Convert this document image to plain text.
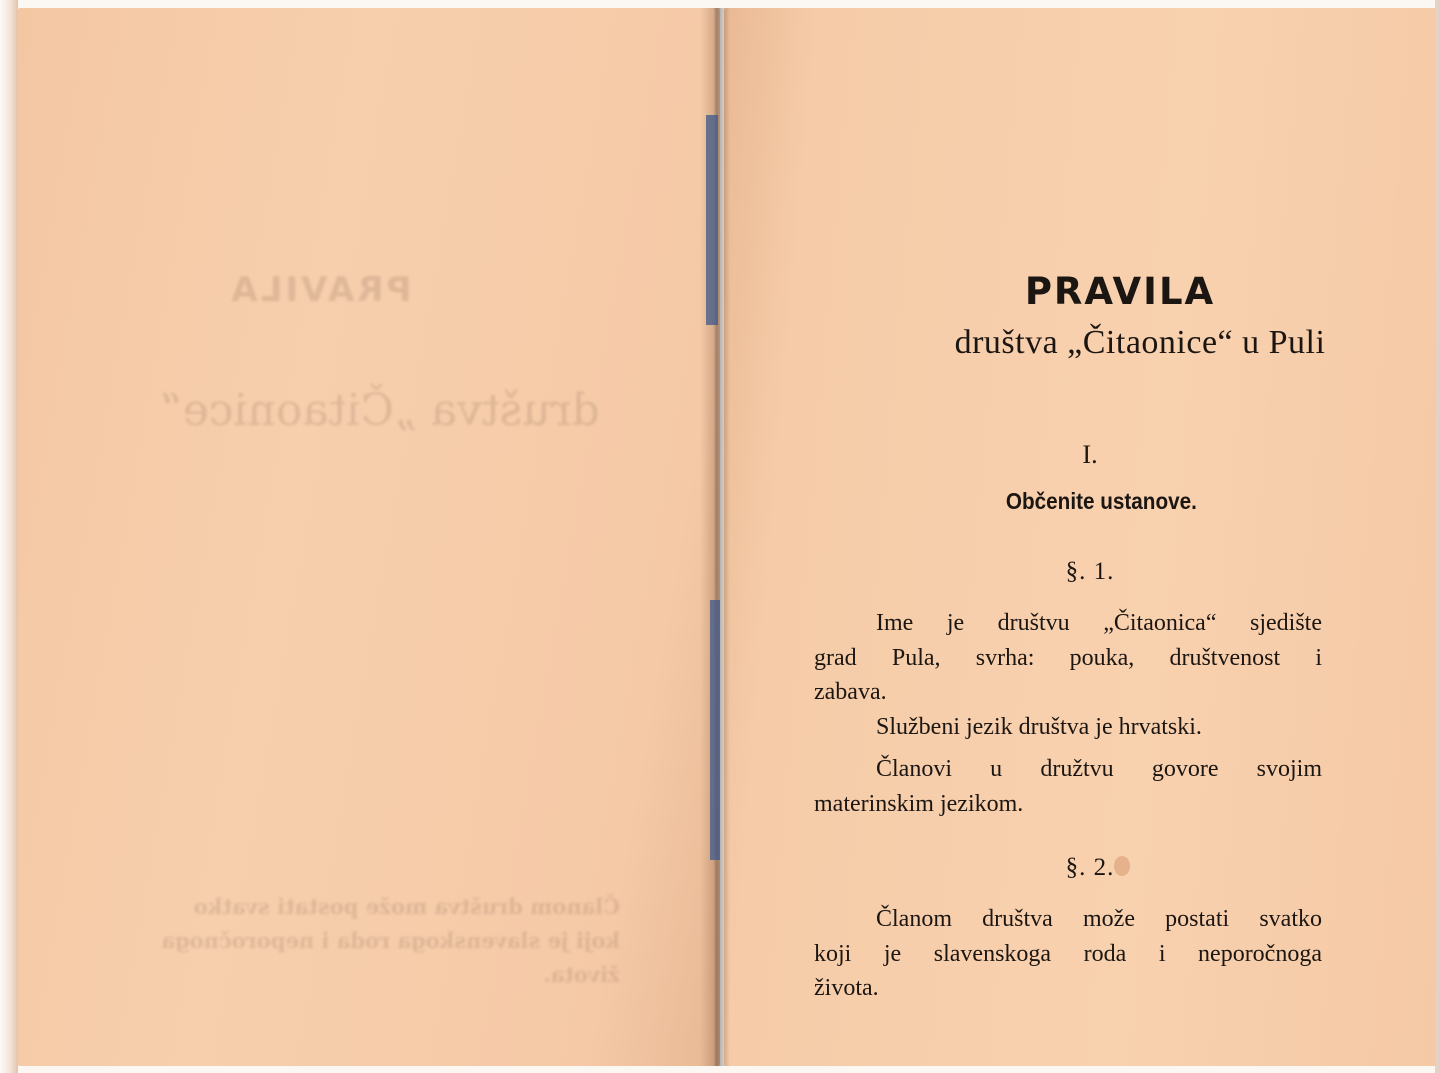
PRAVILA
društva „Čitaonice“
Članom društva može postati svatko
koji je slavenskoga roda i neporočnoga
života.
PRAVILA
društva „Čitaonice“ u Puli
I.
Občenite ustanove.
§. 1.
Ime je društvu „Čitaonica“ sjedište
grad Pula, svrha: pouka, društvenost i
zabava.
Službeni jezik društva je hrvatski.
Članovi u družtvu govore svojim
materinskim jezikom.
§. 2.
Članom društva može postati svatko
koji je slavenskoga roda i neporočnoga
života.
